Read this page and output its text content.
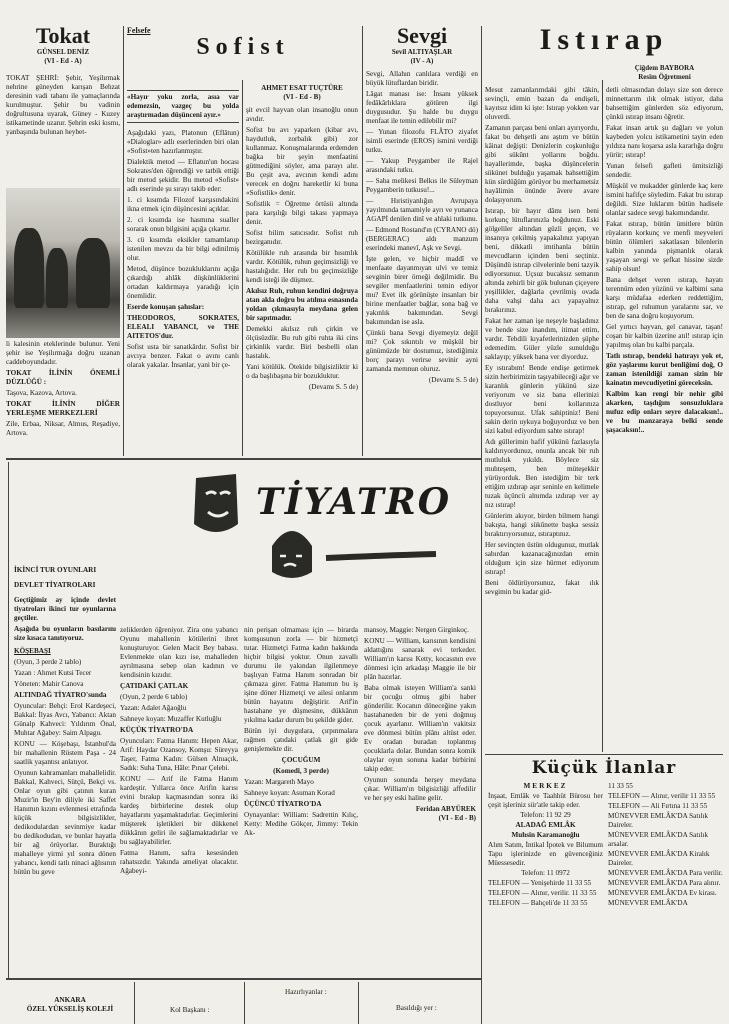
Tokat
GÜNSEL DENİZ
(VI - Ed - A)

TOKAT ŞEHRİ: Şehir, Yeşilırmak nehrine güneyden karışan Behzat deresinin vadi tabanı ile yamaçlarında kurulmuştur. Şehir bu vadinin doğrultusuna uyarak, Güney - Kuzey istikametinde uzanır. Şehrin eski kısmı, yanbaşında bulunan heybet-

li kalesinin eteklerinde bulunur. Yeni şehir ise Yeşilırmağa doğru uzanan caddeboyundadır.

TOKAT İLİNİN ÖNEMLİ DÜZLÜĞÜ :

Taşova, Kazova, Artova.

TOKAT İLİNİN DİĞER YERLEŞME MERKEZLERİ

Zile, Erbaa, Niksar, Almus, Reşadiye, Artova.

Felsefe
Sofist

«Hayır yoku zorla, asıa var edemezsin, vazgeç bu yolda araştırmadan düşünceni ayır.»

Aşağıdaki yazı, Platonun (Eflâtun) «Dialoglar» adlı eserlerinden biri olan «Sofist»ten hazırlanmıştır.

Dialektik metod — Eflatun'un hocası Sokrates'den öğrendiği ve tatbik ettiği bir metod şekidir. Bu metod «Sofist» adlı eserinde şu sırayı takib eder:

1. ci kısımda Filozof karşısındakini ikna etmek için düşüncesini açıklar.

2. ci kısımda ise hasmına sualler sorarak onun bilgisini açığa çıkartır.

3. cü kısımda eksikler tamamlanıp istenilen mevzu da bir bilgi edinilmiş olur.

Metod, düşünce bozukluklarını açığa çıkardığı ahlâk düşkünlüklerini ortadan kaldırmaya yaradığı için önemlidir.

Eserde konuşan şahıslar:

THEODOROS, SOKRATES, ELEALI YABANCI, ve THE AITETOS'dur.

Sofist usta bir sanatkârdır. Sofist bir avcıya benzer. Fakat o avını canlı olarak yakalar. İnsanlar, yani bir çe-

AHMET ESAT TUÇTÜRE
(VI - Ed - B)

şit evcil hayvan olan insanoğlu onun avıdır.

Sofist bu avı yaparken (kibar avı, haydutluk, zorbalık gibi) zor kullanmaz. Konuşmalarında erdemden bağka bir şeyin menfaatini gütmediğini söyler, ama parayı alır. Bu çeşit ava, avcının kendi adını verecek en doğru hareketlir ki buna «Sofistlik» denir.

Sofistlik = Öğretme örtüsü altında para karşılığı bilgi takası yapmaya denir.

Sofist bilim satıcısıdır. Sofist ruh bezirganıdır.

Kötülükle ruh arasında bir hısımlık vardır. Kötülük, ruhun geçimsizliği ve hastalığıdır. Her ruh bu geçimsizliğe kendi isteği ile düşmez.

Akılsız Ruh, ruhun kendini doğruya atan akla doğru bu atılma esnasında yoldan çıkmasıyla meydana gelen bir sapıtmadır.

Demekki akılsız ruh çirkin ve ölçüsüzdür. Bu ruh gibi ruhta iki cins çirkinlik vardır. Biri besbelli olan hastalık.

Yani kötülük. Ötekide bilgisizliktir ki o da başlıbaşına bir bozukluktur.

(Devamı S. 5 de)

Sevgi
Sevil ALTIYAŞLAR
(IV - A)

Sevgi, Allahın canlılara verdiği en büyük lütuflardan biridir.

Lâgat manası ise: İnsanı yüksek fedâkârlıklara götüren ilgi duygusudur. Şu halde bu duygu menfaat ile temin edilebilir mi?

— Yunan filozofu FLÂTO ziyafet isimli eserinde (EROS) ismini verdiği tutku.

— Yakup Peygamber ile Rajel arasındaki tutku.

— Saba melikesi Belkıs ile Süleyman Peygamberin tutkusu!...

— Hıristiyanlığın Avrupaya yayılmında tamamiyle ayrı ve yunanca AGAPİ denilen dinî ve ahlaki tutkunu.

— Edmond Rostand'ın (CYRANO dö) (BERGERAC) aldı manzum eserindeki manevî, Aşk ve Sevgi.

İşte gelen, ve hiçbir maddî ve menfaate dayanmıyan ulvi ve temiz sevginin birer örneği değilmidir. Bu sevgiler menfaatlerini temin ediyor mu? Evet ilk görünüşte insanları bir birine menfaatler bağlar, sona bağ ve yakınlık bakımından. Sevgi bakımından ise asla.

Çünkü bana Sevgi diyemeyiz değil mi? Çok sıkıntılı ve müşkül bir günümüzde bir dostumuz, istediğimiz borç parayı verirse sevinir ayni zamanda memnun oluruz.

(Devamı S. 5 de)

Istırap

Mesut zamanlarımdaki gibi tâkin, sevinçli, emin bazan da endişeli, kayıtsız idim ki işte: Istırap yokken var oluverdi.

Zamanın parçası beni onları ayırıyordu, fakat bu dehşetli anı aştım ve bütün kâinat değişti: Denizlerin coşkunluğu gibi sükûnt yollarını boğdu. hayallerimde, başka düşüncelerin sükünet bulduğu yaşamak bahsettiğim kün sürdüğüm görüyor bu merhametsiz hayâlimin önünde âvere avare dolaşıyorum.

Istırap, bir hayır dâmı isen beni korkunç lütuflarınızla boğdunuz. Eski gölgeliler altından güzli geçen, ve insanıya çekilmiş yapakalınız yapıyan beni, dikkatli imtihanla bütün mevcudların içinden beni seçtiniz. Düşündü istırap cilvelerinle beni tazyik ediyorsunuz. Uçsuz bucaksız semanın altında zehirli bir gök bulunan çiçeyere yeşillikler, dağlarla çevrilmiş ovada daha vahşi daha acı yapayalnız bırakırınız.

Fakat her zaman işe neşeyle başladınız ve bende size inandım, itimat ettim, vardır. Tebdili kıyafetlerinizden şüphe edemedim. Güler yüzle sunulduğu saklayıp; yüksek bana ver diyorduz.

Ey ıstırabım! Bende endişe getirmek sizin herbirimizin taşıyabileceği ağır ve karanlık günlerin yükünü size veriyorum ve siz bana ellerinizi dostluyor beni kollarınıza topuyorsunuz. Ufak sahiptiniz! Beni sakin derin uykuya boğuyorduz ve ben sizi kabul ediyordum sahte ıstırap!

Adı güllerimin hafif yükünü fazlasıyla kaldırıyordunuz, onunla ancak bir ruh mutluluk yıkıldı. Böylece siz muhteşem, ben müteşekkir yürüyorduk. Ben istediğim bir terk ettiğim ızdırap aşır seninle en kelimele tuzak üçüncü alnımda ızdırap ver ay nız ıstırap!

Günlerim akıyor, birden bilmem hangi bakışta, hangi sükûnette başka sessiz bıraktırıyorsunuz, ıstıraptınız.

Her sevinçten üstün oldugunuz, mutlak sabırdan kazanacağınızdan emin olduğum için size hürmet ediyorum ıstırap!

Beni öldürüyorsunuz, fakat ılık sevgimin bu kadar gid-

Çiğdem BAYBORA
Resim Öğretmeni

detli olmasından dolayı size son derece minnettarım ılık olmak istiyor, daha bahsettiğim günlerden söz ediyorum, çünkü ıstırap insanı öğretir.

Fakat insan artık şu dağları ve yolun kaybeden yolcu istikametini tayin eden yıldıza nanı koşarsa asla kararlığa doğru yürür; ıstırap!

Yunan felsefi gafleti ümitsizliği sendedir.

Müşkül ve mukadder günlerde kaç kere ismini hafifçe söyledim. Fakat bu ıstırap değildi. Size luklarım bütün hadisele olanlar sadece sevgi bakımındandır.

Fakat ıstırap, bütün ümitlere bütün rüyaların korkunç ve menfi meyveleri bütün ölümleri sakatlasan bilenlerin kalbin yanında pişmanlık olarak yaşayan sevgi ve şefkat hissine sizde sahip olsun!

Bana dehşet veren ıstırap, hayatı terennüm eden yüzünü ve kalbimi sana karşı müdafaa ederken reddettiğim, ıstırap, gel ruhumun yaralarını sar, ve ben de sana doğru koşuyorum.

Gel yırtıcı hayvan, gel canavar, taşan! coşan bir kalbin üzerine atıl! ıstırap için yapılmış olan bu kalbi parçala.

Tatlı ıstırap, bendeki hatırayı yok et, göz yaşlarımı kurut benliğimi doğ, O zaman istenildiği zaman sizin bir kainatın mevcudiyetini göreceksin.

Kalbim kan rengi bir nehir gibi akarken, taşdığım sonsuzluklara nufuz edip onları seyre dalacaksın!.. ve bu manzaraya belki sende şaşacaksın!..

TİYATRO

İKİNCİ TUR OYUNLARI

DEVLET TİYATROLARI

Geçtiğimiz ay içinde devlet tiyatroları ikinci tur oyunlarına geçtiler.

Aşağıda bu oyunların basılarını size kısaca tanıtıyoruz.

KÖŞEBAŞI

(Oyun, 3 perde 2 tablo)

Yazan : Ahmet Kutsi Tecer

Yöneten: Mahir Canova

ALTINDAĞ TİYATRO'sunda

Oyuncular: Behçi: Erol Kardeşeci, Bakkal: İlyas Avcı, Yabancı: Aktan Günalp Kahveci: Yıldırım Önal, Muhtar Ağabey: Saim Alpagu.

KONU — Köşebaşı, İstanbul'da bir mahallenin Rüstem Paşa - 24 saatlik yaşantısı anlatıyor.

Oyunun kahramanları mahallelidir. Bakkal, Kahveci, Sütçü, Bekçi vs. Onlar oyun gibi çatının kuran Muzir'in Bey'in diliyle iki Saffet Hanımın kızını evlenmesi etrafında küçük bilgisizlikler, dedikodulardan sevinmiye kadar bu dedikodudan, ve bunlar hayatla bir ağ örüyorlar. Buraktığı mahalleye yirmi yıl sonra dönen yabancı, kendi tatlı ninaci ağlısının bütün bu geve

zeliklerden öğreniyor. Zira onu yabancı Oyunu mahallenin kötülerini ibret konuşturuyor. Gelen Macit Bey babası. Evlenmekte olan kızı ise, mahalleden ayrılmasına sebep olan kadının ve kendisinin kızıdır.

ÇATIDAKİ ÇATLAK

(Oyun, 2 perde 6 tablo)

Yazan: Adalet Ağaoğlu

Sahneye koyan: Muzaffer Kutluğlu

KÜÇÜK TİYATRO'DA

Oyuncuları: Fatma Hanım: Hepen Akar, Arif: Haydar Ozansoy, Komşu: Süreyya Taşer, Fatma Kadın: Gülsen Alnıaçık, Sadık: Suha Tuna, Hâle: Pınar Çelebi.

KONU — Arif ile Fatma Hanım kardeştir. Yıllarca önce Arifin karısı evini bırakıp kaçmasından sonra iki kardeş birbirlerine destek olup hayatlarını yaşamaktadırlar. Geçimlerini müşterek işletikleri bir dükkenel dükkânın geliri ile sağlamaktadırlar ve bu sağlayabilirler.

Fatma Hanım, safra kesesinden rahatsızdır. Yakında ameliyat olacaktır. Ağabeyi-

nin perişan olmaması için — birarda komşusunun zorla — bir hizmetçi tutar. Hizmetçi Fatma kadın hakkında hiçbir bilgisi yoktur. Onun zavallı durumu ile yakından ilgilenmeye başlıyan Fatma Hanım sonradan bir çıkmaza girer. Fatma Hanımın bu iş işine döner Hizmetçi ve ailesi onlarım bütün hayatını değiştirir. Arif'in hastahane ye düşmesine, dükkânın yıkılma kadar durum bu şekilde gider.

Bütün iyi duygulara, çırpınmalara rağmen çatıdaki çatlak git gide genişlemekte dir.

ÇOCUĞUM

(Komedi, 3 perde)

Yazan: Margareth Mayo

Sahneye koyan: Asuman Korad

ÜÇÜNCÜ TİYATRO'DA

Oynayanlar: William: Sadrettin Kılıç, Ketty: Medihe Gökçer, Jimmy: Tekin Ak-

mansoy, Maggie: Nergen Girginkoç.

KONU — William, karısının kendisini aldattığını sanarak evi terkeder. William'ın karısı Ketty, kocasının eve dönmesi için arkadaşı Maggie ile bir plân hazırlar.

Baba olmak isteyen William'a sanki bir çocuğu olmuş gibi haber gönderilir. Kocanın döneceğine yakın hastahaneden bir de yeni doğmuş çocuk ayarlanır. William'ın vakitsiz eve dönmesi bütün plânı altüst eder. Ev oradan buradan toplanmış çocuklarla dolar. Bundan sonra komik olaylar oyun sonuna kadar birbirini takip eder.

Oyunun sonunda herşey meydana çıkar. William'ın bilgisizliği affedilir ve her şey eski haline gelir.

Feridan ABYÜREK
(VI - Ed - B)
Küçük İlanlar

MERKEZ

İnşaat, Emlâk ve Taahhüt Bürosu her çeşit işleriniz sür'atle takip eder.

Telefon: 11 92 29

ALADAĞ EMLÂK

Muhsin Karamanoğlu

Alım Satım, İntikal İpotek ve Bilumum Tapu işlerinizde en güvenceğiniz Müessesedir.

Telefon: 11 0972

TELEFON — Yenişehirde 11 33 55

TELEFON — Alınır, verilir. 11 33 55

TELEFON — Bahçeli'de 11 33 55

11 33 55

TELEFON — Alınır, verilir 11 33 55

TELEFON — Ali Fırtına 11 33 55

MÜNEVVER EMLÂK'DA Satılık Daireler.

MÜNEVVER EMLÂK'DA Satılık arsalar.

MÜNEVVER EMLÂK'DA Kiralık Daireler.

MÜNEVVER EMLÂK'DA Para verilir.

MÜNEVVER EMLÂK'DA Para alınır.

MÜNEVVER EMLÂK'DA Ev kirası.

MÜNEVVER EMLÂK'DA

ANKARA
ÖZEL YÜKSELİŞ KOLEJİ	Kol Başkanı :
Hazırlıyanlar :
Basıldığı yer :
